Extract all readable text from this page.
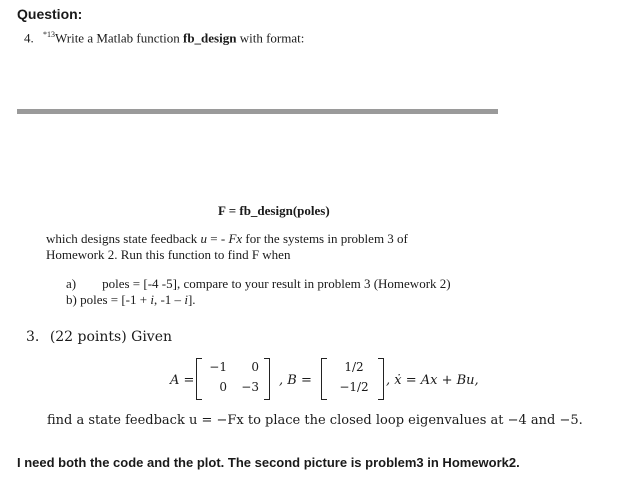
Question:
4. $^{*13}$Write a Matlab function fb_design with format:
F = fb_design(poles)
which designs state feedback u = - Fx for the systems in problem 3 of
Homework 2. Run this function to find F when
a) poles = [-4 -5], compare to your result in problem 3 (Homework 2)
b) poles = [-1 + i, -1 – i].
3. (22 points) Given
A =
−1	0
0	−3 , B =
1/2
−1/2	, ẋ = Ax + Bu,
find a state feedback u = −Fx to place the closed loop eigenvalues at −4 and −5.
I need both the code and the plot. The second picture is problem3 in Homework2.
